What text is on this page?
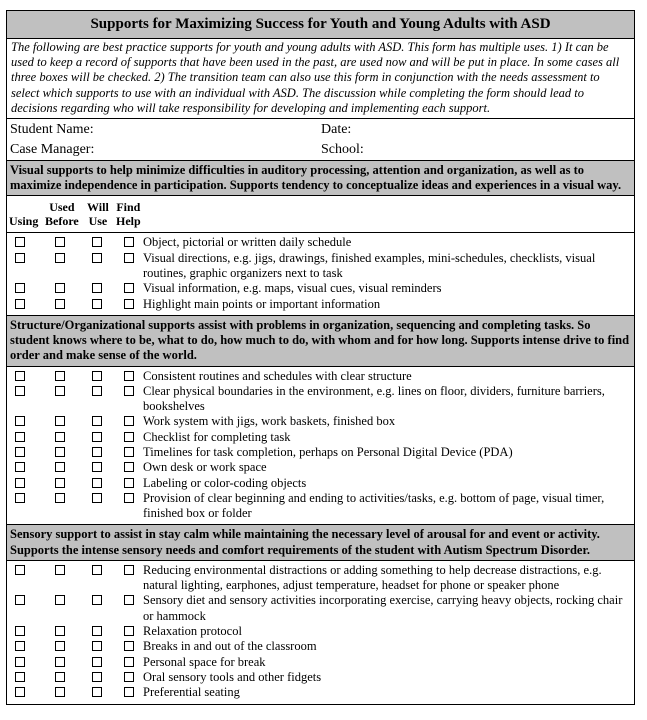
Supports for Maximizing Success for Youth and Young Adults with ASD
The following are best practice supports for youth and young adults with ASD. This form has multiple uses. 1) It can be used to keep a record of supports that have been used in the past, are used now and will be put in place. In some cases all three boxes will be checked. 2) The transition team can also use this form in conjunction with the needs assessment to select which supports to use with an individual with ASD. The discussion while completing the form should lead to decisions regarding who will take responsibility for developing and implementing each support.
Student Name:	Date:
Case Manager:	School:
Visual supports to help minimize difficulties in auditory processing, attention and organization, as well as to maximize independence in participation. Supports tendency to conceptualize ideas and experiences in a visual way.
Using
Used
Before
Will
Use
Find
Help
Object, pictorial or written daily schedule
Visual directions, e.g. jigs, drawings, finished examples, mini-schedules, checklists, visual routines, graphic organizers next to task
Visual information, e.g. maps, visual cues, visual reminders
Highlight main points or important information
Structure/Organizational supports assist with problems in organization, sequencing and completing tasks. So student knows where to be, what to do, how much to do, with whom and for how long. Supports intense drive to find order and make sense of the world.
Consistent routines and schedules with clear structure
Clear physical boundaries in the environment, e.g. lines on floor, dividers, furniture barriers, bookshelves
Work system with jigs, work baskets, finished box
Checklist for completing task
Timelines for task completion, perhaps on Personal Digital Device (PDA)
Own desk or work space
Labeling or color-coding objects
Provision of clear beginning and ending to activities/tasks, e.g. bottom of page, visual timer, finished box or folder
Sensory support to assist in stay calm while maintaining the necessary level of arousal for and event or activity. Supports the intense sensory needs and comfort requirements of the student with Autism Spectrum Disorder.
Reducing environmental distractions or adding something to help decrease distractions, e.g. natural lighting, earphones, adjust temperature, headset for phone or speaker phone
Sensory diet and sensory activities incorporating exercise, carrying heavy objects, rocking chair or hammock
Relaxation protocol
Breaks in and out of the classroom
Personal space for break
Oral sensory tools and other fidgets
Preferential seating
